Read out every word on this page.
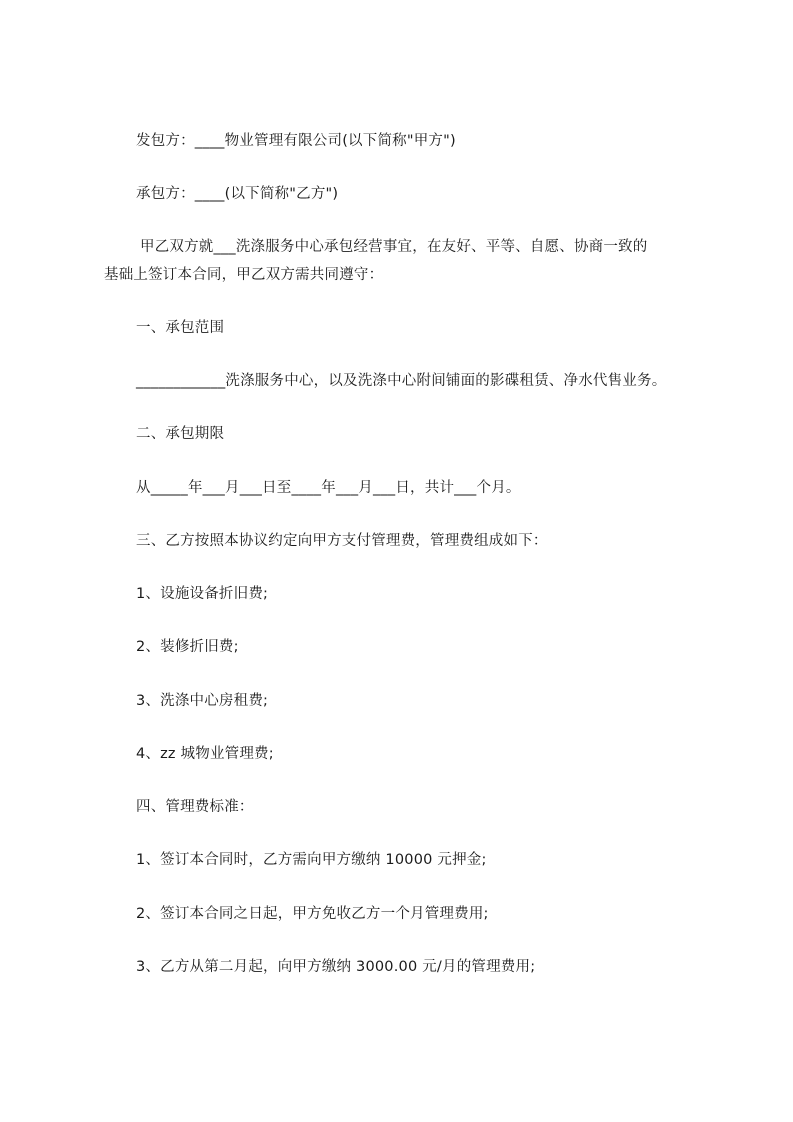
发包方：____物业管理有限公司(以下简称"甲方")
承包方：____(以下简称"乙方")
甲乙双方就___洗涤服务中心承包经营事宜，在友好、平等、自愿、协商一致的
基础上签订本合同，甲乙双方需共同遵守：
一、承包范围
____________洗涤服务中心，以及洗涤中心附间铺面的影碟租赁、净水代售业务。
二、承包期限
从_____年___月___日至____年___月___日，共计___个月。
三、乙方按照本协议约定向甲方支付管理费，管理费组成如下：
1、设施设备折旧费;
2、装修折旧费;
3、洗涤中心房租费;
4、zz 城物业管理费;
四、管理费标准：
1、签订本合同时，乙方需向甲方缴纳 10000 元押金;
2、签订本合同之日起，甲方免收乙方一个月管理费用;
3、乙方从第二月起，向甲方缴纳 3000.00 元/月的管理费用;
